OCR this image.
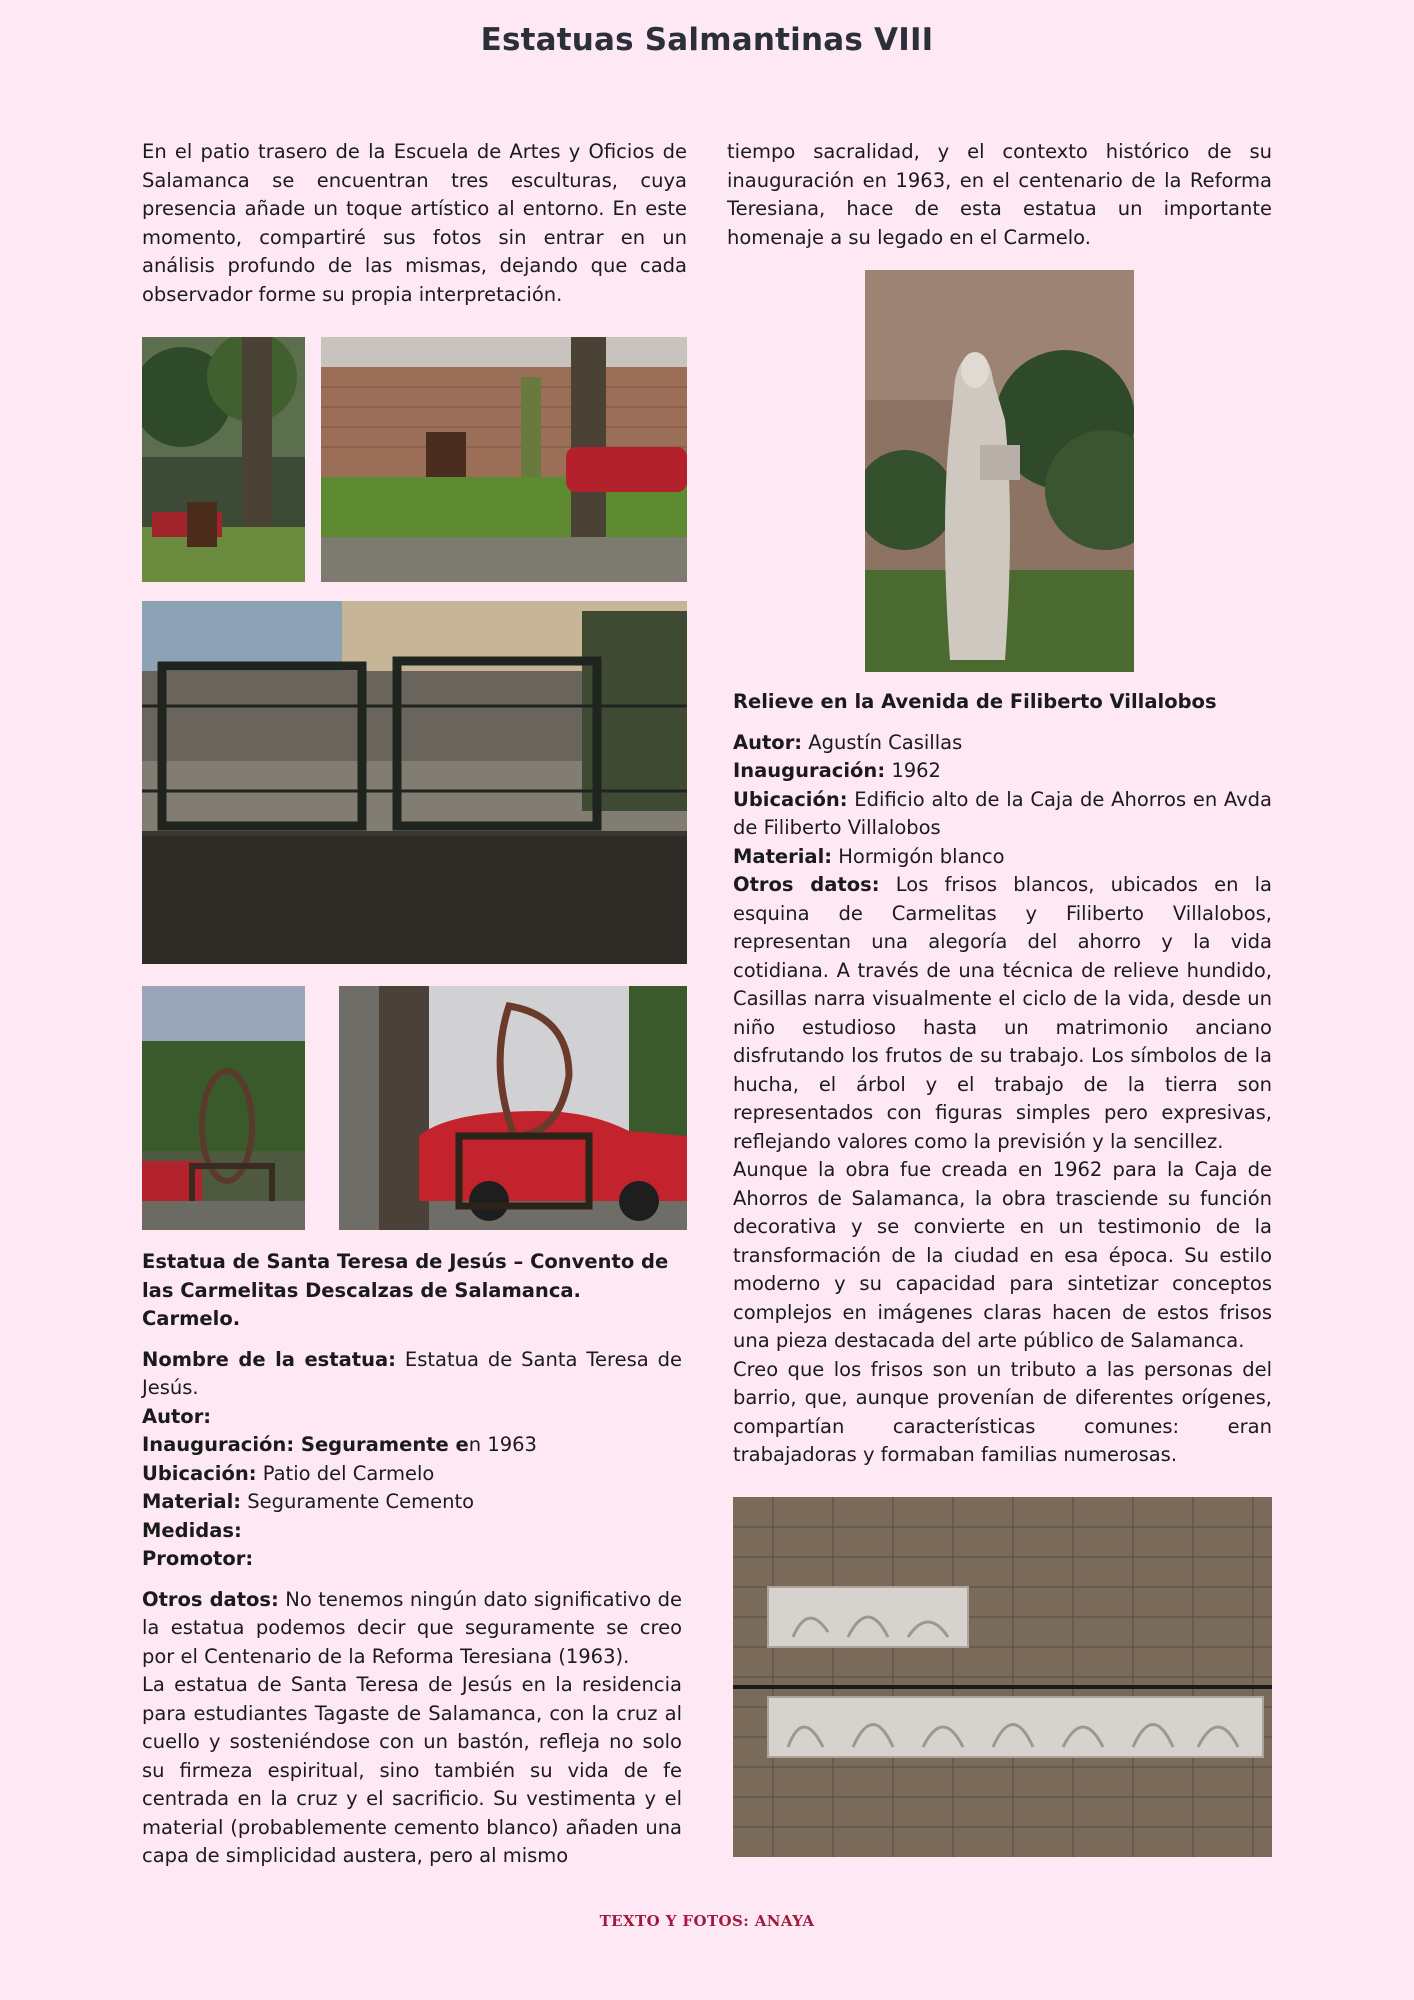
Estatuas Salmantinas VIII

En el patio trasero de la Escuela de Artes y Oficios de Salamanca se encuentran tres esculturas, cuya presencia añade un toque artístico al entorno. En este momento, compartiré sus fotos sin entrar en un análisis profundo de las mismas, dejando que cada observador forme su propia interpretación.

Estatua de Santa Teresa de Jesús – Convento de las Carmelitas Descalzas de Salamanca. Carmelo.

Nombre de la estatua: Estatua de Santa Teresa de Jesús.

Autor:

Inauguración: Seguramente en 1963

Ubicación: Patio del Carmelo

Material: Seguramente Cemento

Medidas:

Promotor:

Otros datos: No tenemos ningún dato significativo de la estatua podemos decir que seguramente se creo por el Centenario de la Reforma Teresiana (1963).

La estatua de Santa Teresa de Jesús en la residencia para estudiantes Tagaste de Salamanca, con la cruz al cuello y sosteniéndose con un bastón, refleja no solo su firmeza espiritual, sino también su vida de fe centrada en la cruz y el sacrificio. Su vestimenta y el material (probablemente cemento blanco) añaden una capa de simplicidad austera, pero al mismo

tiempo sacralidad, y el contexto histórico de su inauguración en 1963, en el centenario de la Reforma Teresiana, hace de esta estatua un importante homenaje a su legado en el Carmelo.

Relieve en la Avenida de Filiberto Villalobos

Autor: Agustín Casillas

Inauguración: 1962

Ubicación: Edificio alto de la Caja de Ahorros en Avda de Filiberto Villalobos

Material: Hormigón blanco

Otros datos: Los frisos blancos, ubicados en la esquina de Carmelitas y Filiberto Villalobos, representan una alegoría del ahorro y la vida cotidiana. A través de una técnica de relieve hundido, Casillas narra visualmente el ciclo de la vida, desde un niño estudioso hasta un matrimonio anciano disfrutando los frutos de su trabajo. Los símbolos de la hucha, el árbol y el trabajo de la tierra son representados con figuras simples pero expresivas, reflejando valores como la previsión y la sencillez.

Aunque la obra fue creada en 1962 para la Caja de Ahorros de Salamanca, la obra trasciende su función decorativa y se convierte en un testimonio de la transformación de la ciudad en esa época. Su estilo moderno y su capacidad para sintetizar conceptos complejos en imágenes claras hacen de estos frisos una pieza destacada del arte público de Salamanca.

Creo que los frisos son un tributo a las personas del barrio, que, aunque provenían de diferentes orígenes, compartían características comunes: eran trabajadoras y formaban familias numerosas.

TEXTO Y FOTOS: ANAYA
